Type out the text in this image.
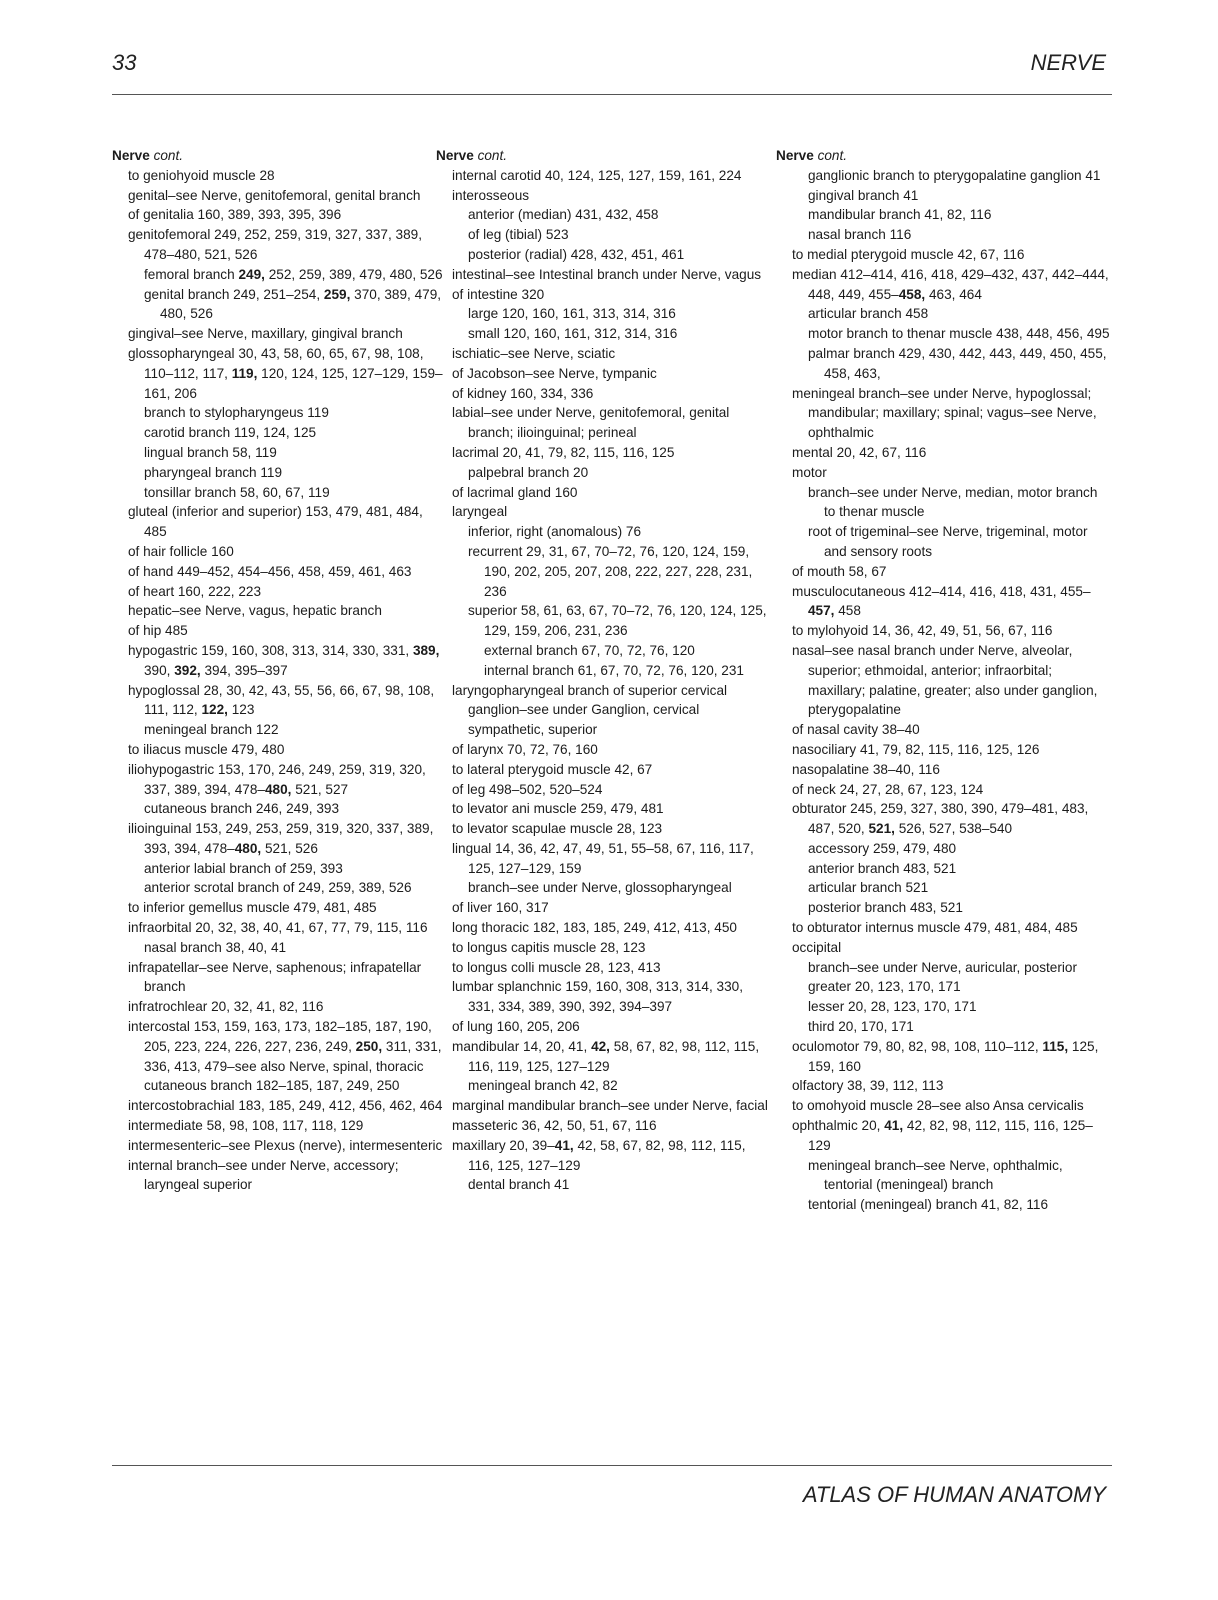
33	NERVE
Nerve cont.
to geniohyoid muscle 28
genital–see Nerve, genitofemoral, genital branch
of genitalia 160, 389, 393, 395, 396
genitofemoral 249, 252, 259, 319, 327, 337, 389, 478–480, 521, 526
femoral branch 249, 252, 259, 389, 479, 480, 526
genital branch 249, 251–254, 259, 370, 389, 479, 480, 526
gingival–see Nerve, maxillary, gingival branch
glossopharyngeal 30, 43, 58, 60, 65, 67, 98, 108, 110–112, 117, 119, 120, 124, 125, 127–129, 159–161, 206
branch to stylopharyngeus 119
carotid branch 119, 124, 125
lingual branch 58, 119
pharyngeal branch 119
tonsillar branch 58, 60, 67, 119
gluteal (inferior and superior) 153, 479, 481, 484, 485
of hair follicle 160
of hand 449–452, 454–456, 458, 459, 461, 463
of heart 160, 222, 223
hepatic–see Nerve, vagus, hepatic branch
of hip 485
hypogastric 159, 160, 308, 313, 314, 330, 331, 389, 390, 392, 394, 395–397
hypoglossal 28, 30, 42, 43, 55, 56, 66, 67, 98, 108, 111, 112, 122, 123
meningeal branch 122
to iliacus muscle 479, 480
iliohypogastric 153, 170, 246, 249, 259, 319, 320, 337, 389, 394, 478–480, 521, 527
cutaneous branch 246, 249, 393
ilioinguinal 153, 249, 253, 259, 319, 320, 337, 389, 393, 394, 478–480, 521, 526
anterior labial branch of 259, 393
anterior scrotal branch of 249, 259, 389, 526
to inferior gemellus muscle 479, 481, 485
infraorbital 20, 32, 38, 40, 41, 67, 77, 79, 115, 116
nasal branch 38, 40, 41
infrapatellar–see Nerve, saphenous; infrapatellar branch
infratrochlear 20, 32, 41, 82, 116
intercostal 153, 159, 163, 173, 182–185, 187, 190, 205, 223, 224, 226, 227, 236, 249, 250, 311, 331, 336, 413, 479–see also Nerve, spinal, thoracic
cutaneous branch 182–185, 187, 249, 250
intercostobrachial 183, 185, 249, 412, 456, 462, 464
intermediate 58, 98, 108, 117, 118, 129
intermesenteric–see Plexus (nerve), intermesenteric
internal branch–see under Nerve, accessory; laryngeal superior
Nerve cont.
internal carotid 40, 124, 125, 127, 159, 161, 224
interosseous
anterior (median) 431, 432, 458
of leg (tibial) 523
posterior (radial) 428, 432, 451, 461
intestinal–see Intestinal branch under Nerve, vagus
of intestine 320
large 120, 160, 161, 313, 314, 316
small 120, 160, 161, 312, 314, 316
ischiatic–see Nerve, sciatic
of Jacobson–see Nerve, tympanic
of kidney 160, 334, 336
labial–see under Nerve, genitofemoral, genital branch; ilioinguinal; perineal
lacrimal 20, 41, 79, 82, 115, 116, 125
palpebral branch 20
of lacrimal gland 160
laryngeal
inferior, right (anomalous) 76
recurrent 29, 31, 67, 70–72, 76, 120, 124, 159, 190, 202, 205, 207, 208, 222, 227, 228, 231, 236
superior 58, 61, 63, 67, 70–72, 76, 120, 124, 125, 129, 159, 206, 231, 236
external branch 67, 70, 72, 76, 120
internal branch 61, 67, 70, 72, 76, 120, 231
laryngopharyngeal branch of superior cervical ganglion–see under Ganglion, cervical sympathetic, superior
of larynx 70, 72, 76, 160
to lateral pterygoid muscle 42, 67
of leg 498–502, 520–524
to levator ani muscle 259, 479, 481
to levator scapulae muscle 28, 123
lingual 14, 36, 42, 47, 49, 51, 55–58, 67, 116, 117, 125, 127–129, 159
branch–see under Nerve, glossopharyngeal
of liver 160, 317
long thoracic 182, 183, 185, 249, 412, 413, 450
to longus capitis muscle 28, 123
to longus colli muscle 28, 123, 413
lumbar splanchnic 159, 160, 308, 313, 314, 330, 331, 334, 389, 390, 392, 394–397
of lung 160, 205, 206
mandibular 14, 20, 41, 42, 58, 67, 82, 98, 112, 115, 116, 119, 125, 127–129
meningeal branch 42, 82
marginal mandibular branch–see under Nerve, facial
masseteric 36, 42, 50, 51, 67, 116
maxillary 20, 39–41, 42, 58, 67, 82, 98, 112, 115, 116, 125, 127–129
dental branch 41
Nerve cont.
ganglionic branch to pterygopalatine ganglion 41
gingival branch 41
mandibular branch 41, 82, 116
nasal branch 116
to medial pterygoid muscle 42, 67, 116
median 412–414, 416, 418, 429–432, 437, 442–444, 448, 449, 455–458, 463, 464
articular branch 458
motor branch to thenar muscle 438, 448, 456, 495
palmar branch 429, 430, 442, 443, 449, 450, 455, 458, 463,
meningeal branch–see under Nerve, hypoglossal; mandibular; maxillary; spinal; vagus–see Nerve, ophthalmic
mental 20, 42, 67, 116
motor
branch–see under Nerve, median, motor branch to thenar muscle
root of trigeminal–see Nerve, trigeminal, motor and sensory roots
of mouth 58, 67
musculocutaneous 412–414, 416, 418, 431, 455–457, 458
to mylohyoid 14, 36, 42, 49, 51, 56, 67, 116
nasal–see nasal branch under Nerve, alveolar, superior; ethmoidal, anterior; infraorbital; maxillary; palatine, greater; also under ganglion, pterygopalatine
of nasal cavity 38–40
nasociliary 41, 79, 82, 115, 116, 125, 126
nasopalatine 38–40, 116
of neck 24, 27, 28, 67, 123, 124
obturator 245, 259, 327, 380, 390, 479–481, 483, 487, 520, 521, 526, 527, 538–540
accessory 259, 479, 480
anterior branch 483, 521
articular branch 521
posterior branch 483, 521
to obturator internus muscle 479, 481, 484, 485
occipital
branch–see under Nerve, auricular, posterior
greater 20, 123, 170, 171
lesser 20, 28, 123, 170, 171
third 20, 170, 171
oculomotor 79, 80, 82, 98, 108, 110–112, 115, 125, 159, 160
olfactory 38, 39, 112, 113
to omohyoid muscle 28–see also Ansa cervicalis
ophthalmic 20, 41, 42, 82, 98, 112, 115, 116, 125–129
meningeal branch–see Nerve, ophthalmic, tentorial (meningeal) branch
tentorial (meningeal) branch 41, 82, 116
ATLAS OF HUMAN ANATOMY
